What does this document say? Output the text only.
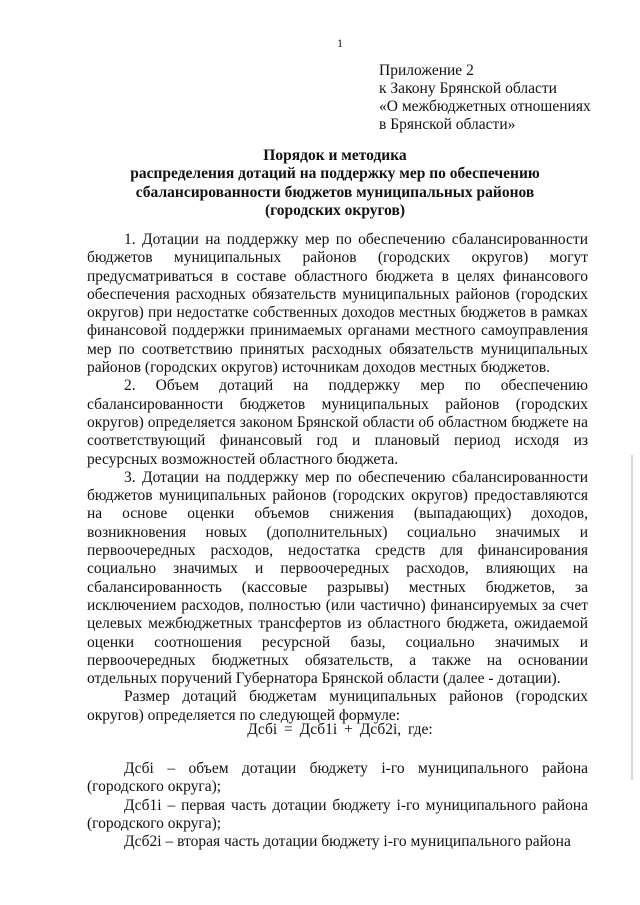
1
Приложение 2
к Закону Брянской области
«О межбюджетных отношениях
в Брянской области»
Порядок и методика
распределения дотаций на поддержку мер по обеспечению
сбалансированности бюджетов муниципальных районов
(городских округов)

1. Дотации на поддержку мер по обеспечению сбалансированности бюджетов муниципальных районов (городских округов) могут предусматриваться в составе областного бюджета в целях финансового обеспечения расходных обязательств муниципальных районов (городских округов) при недостатке собственных доходов местных бюджетов в рамках финансовой поддержки принимаемых органами местного самоуправления мер по соответствию принятых расходных обязательств муниципальных районов (городских округов) источникам доходов местных бюджетов.

2. Объем дотаций на поддержку мер по обеспечению сбалансированности бюджетов муниципальных районов (городских округов) определяется законом Брянской области об областном бюджете на соответствующий финансовый год и плановый период исходя из ресурсных возможностей областного бюджета.

3. Дотации на поддержку мер по обеспечению сбалансированности бюджетов муниципальных районов (городских округов) предоставляются на основе оценки объемов снижения (выпадающих) доходов, возникновения новых (дополнительных) социально значимых и первоочередных расходов, недостатка средств для финансирования социально значимых и первоочередных расходов, влияющих на сбалансированность (кассовые разрывы) местных бюджетов, за исключением расходов, полностью (или частично) финансируемых за счет целевых межбюджетных трансфертов из областного бюджета, ожидаемой оценки соотношения ресурсной базы, социально значимых и первоочередных бюджетных обязательств, а также на основании отдельных поручений Губернатора Брянской области (далее - дотации).

Размер дотаций бюджетам муниципальных районов (городских округов) определяется по следующей формуле:

Дсбi = Дсб1i + Дсб2i, где:

Дсбi – объем дотации бюджету i-го муниципального района (городского округа);

Дсб1i – первая часть дотации бюджету i-го муниципального района (городского округа);

Дсб2i – вторая часть дотации бюджету i-го муниципального района
